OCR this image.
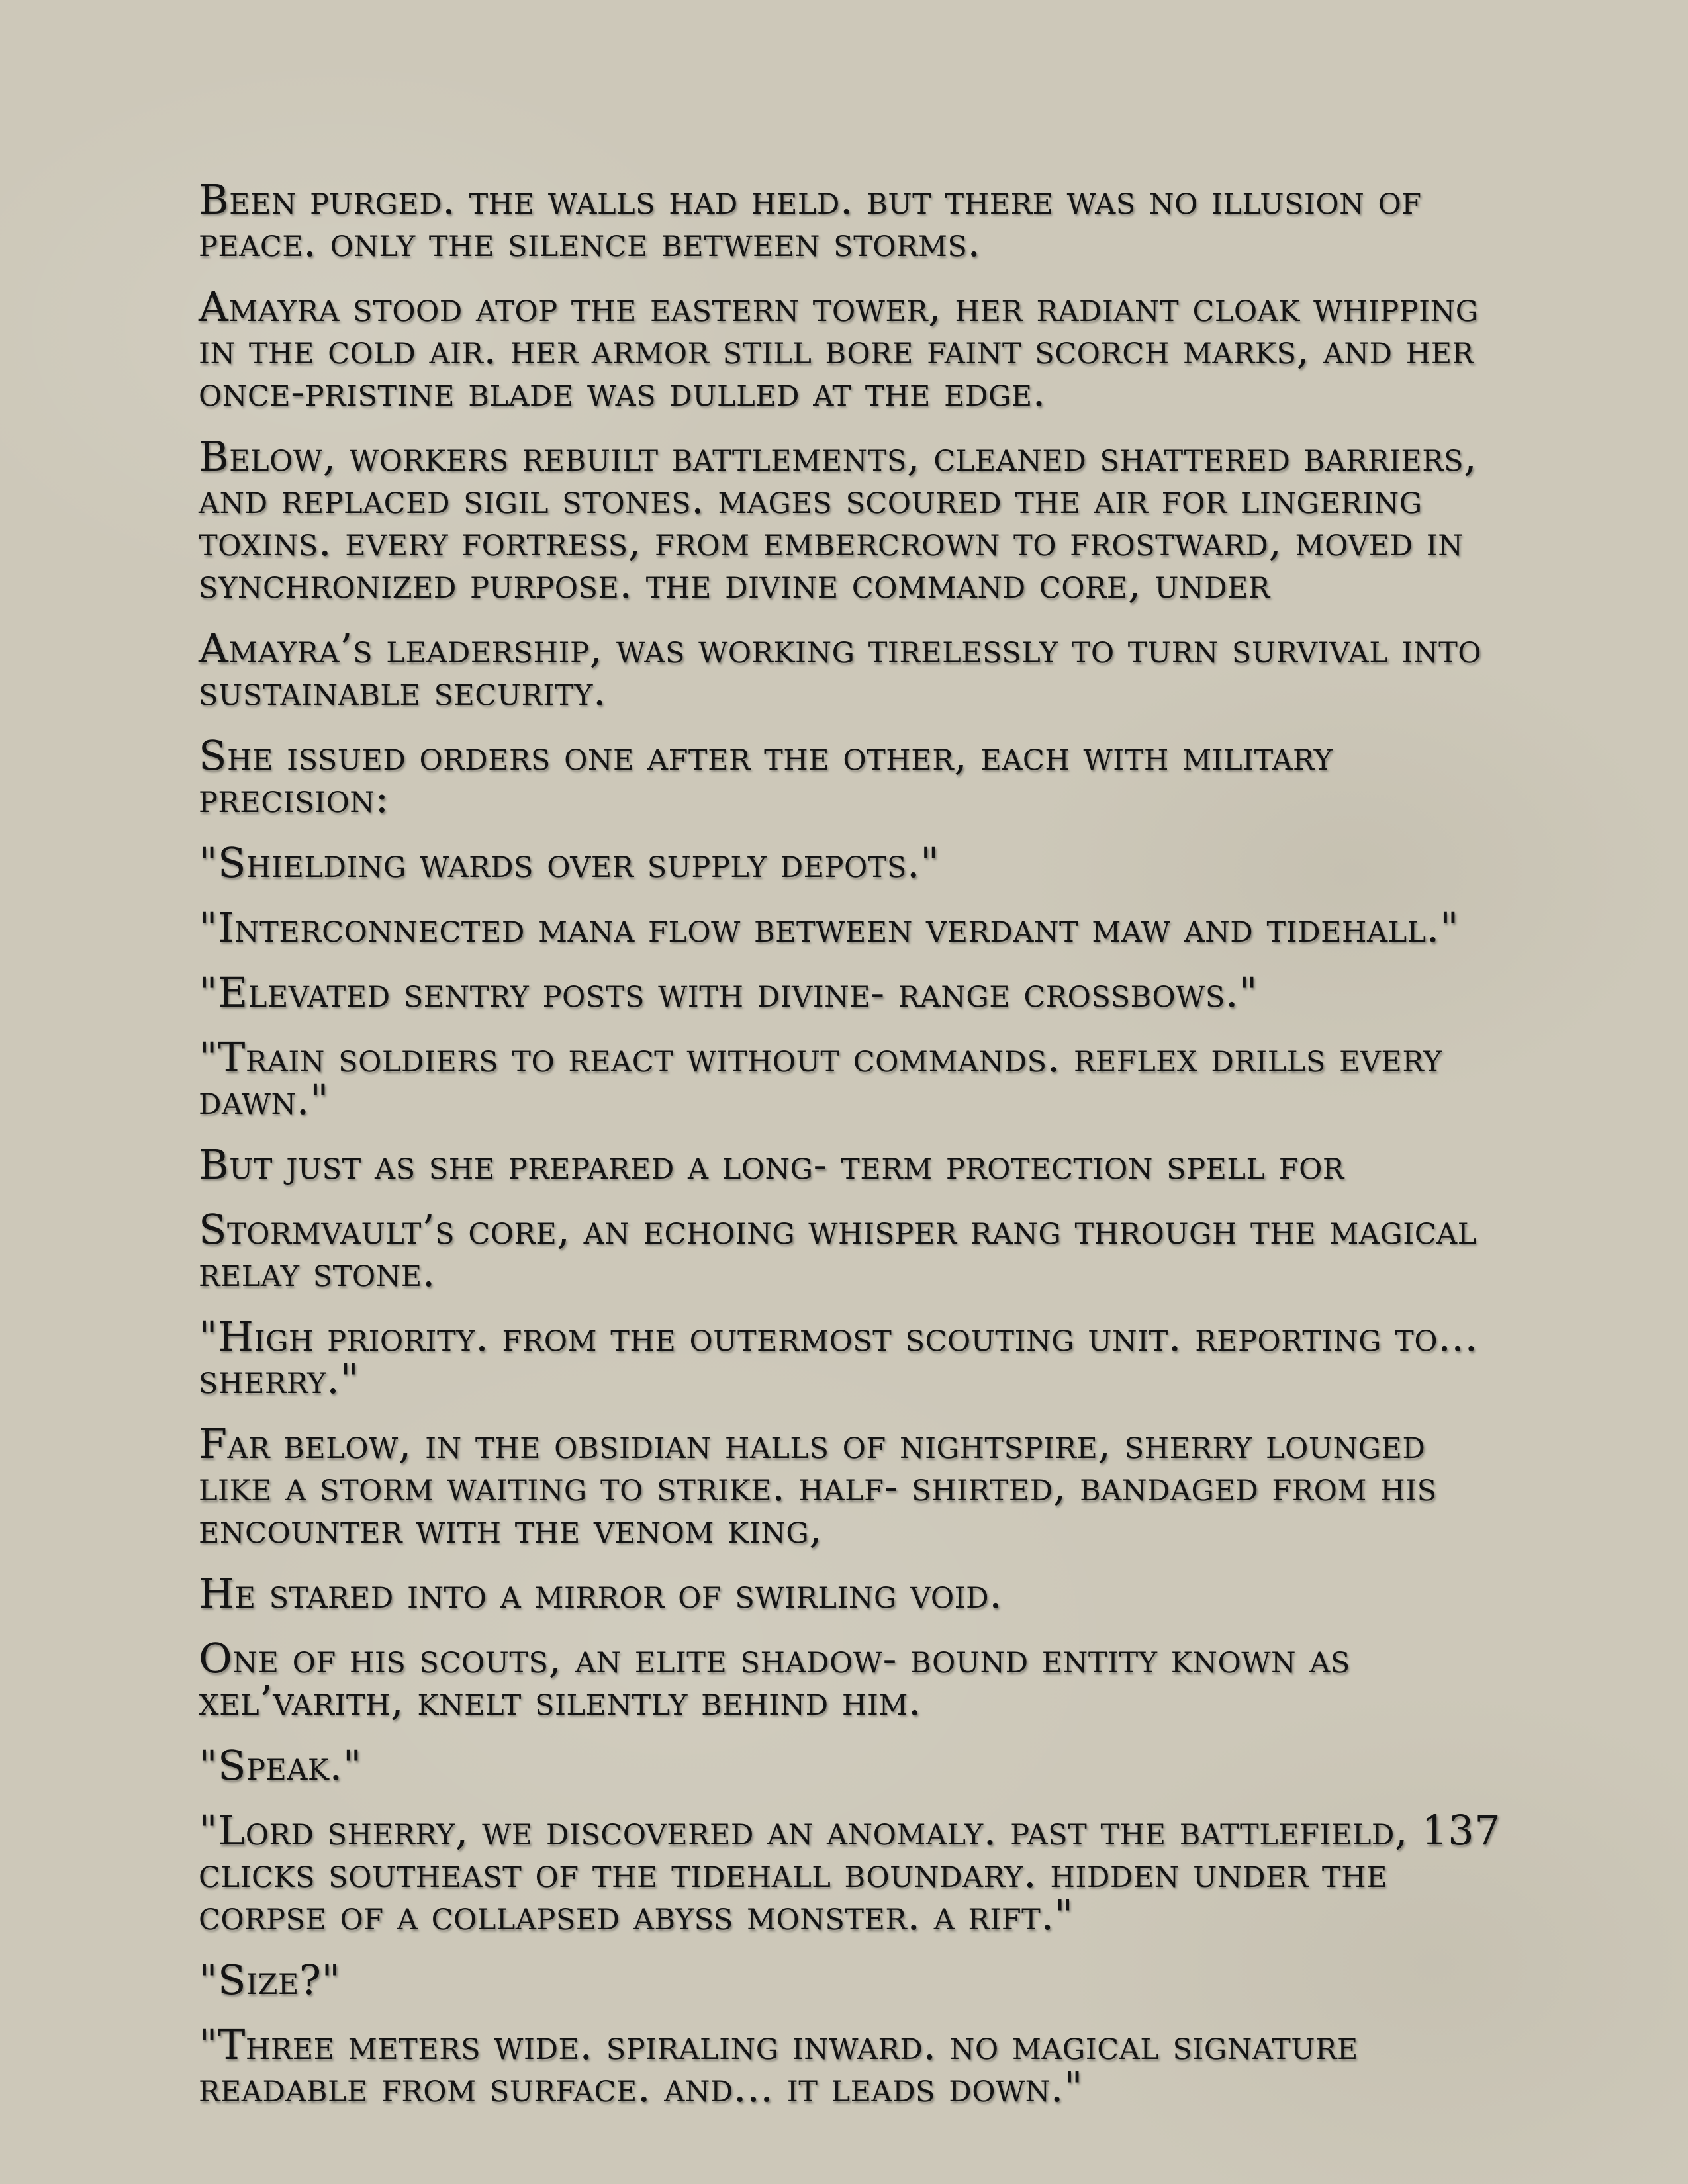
Been purged. the walls had held. but there was no illusion of peace. only the silence between storms.

Amayra stood atop the eastern tower, her radiant cloak whipping in the cold air. her armor still bore faint scorch marks, and her once-pristine blade was dulled at the edge.

Below, workers rebuilt battlements, cleaned shattered barriers, and replaced sigil stones. mages scoured the air for lingering toxins. every fortress, from embercrown to frostward, moved in synchronized purpose. the divine command core, under

Amayra’s leadership, was working tirelessly to turn survival into sustainable security.

She issued orders one after the other, each with military precision:

"Shielding wards over supply depots."

"Interconnected mana flow between verdant maw and tidehall."

"Elevated sentry posts with divine- range crossbows."

"Train soldiers to react without commands. reflex drills every dawn."

But just as she prepared a long- term protection spell for

Stormvault’s core, an echoing whisper rang through the magical relay stone.

"High priority. from the outermost scouting unit. reporting to... sherry."

Far below, in the obsidian halls of nightspire, sherry lounged like a storm waiting to strike. half- shirted, bandaged from his encounter with the venom king,

He stared into a mirror of swirling void.

One of his scouts, an elite shadow- bound entity known as xel’varith, knelt silently behind him.

"Speak."

"Lord sherry, we discovered an anomaly. past the battlefield, 137 clicks southeast of the tidehall boundary. hidden under the corpse of a collapsed abyss monster. a rift."

"Size?"

"Three meters wide. spiraling inward. no magical signature readable from surface. and... it leads down."
